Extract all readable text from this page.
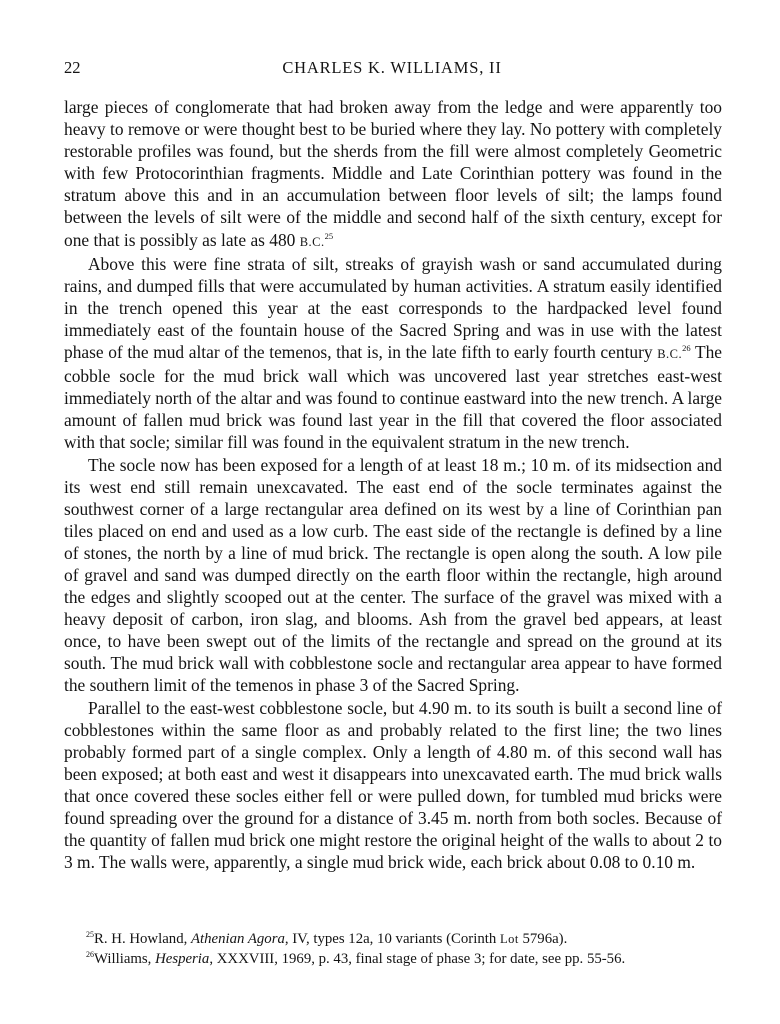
22	CHARLES K. WILLIAMS, II

large pieces of conglomerate that had broken away from the ledge and were apparently too heavy to remove or were thought best to be buried where they lay. No pottery with completely restorable profiles was found, but the sherds from the fill were almost completely Geometric with few Protocorinthian fragments. Middle and Late Corinthian pottery was found in the stratum above this and in an accumulation between floor levels of silt; the lamps found between the levels of silt were of the middle and second half of the sixth century, except for one that is possibly as late as 480 B.C.$^{25}$

Above this were fine strata of silt, streaks of grayish wash or sand accumulated during rains, and dumped fills that were accumulated by human activities. A stratum easily identified in the trench opened this year at the east corresponds to the hardpacked level found immediately east of the fountain house of the Sacred Spring and was in use with the latest phase of the mud altar of the temenos, that is, in the late fifth to early fourth century B.C.$^{26}$ The cobble socle for the mud brick wall which was uncovered last year stretches east-west immediately north of the altar and was found to continue eastward into the new trench. A large amount of fallen mud brick was found last year in the fill that covered the floor associated with that socle; similar fill was found in the equivalent stratum in the new trench.

The socle now has been exposed for a length of at least 18 m.; 10 m. of its midsection and its west end still remain unexcavated. The east end of the socle terminates against the southwest corner of a large rectangular area defined on its west by a line of Corinthian pan tiles placed on end and used as a low curb. The east side of the rectangle is defined by a line of stones, the north by a line of mud brick. The rectangle is open along the south. A low pile of gravel and sand was dumped directly on the earth floor within the rectangle, high around the edges and slightly scooped out at the center. The surface of the gravel was mixed with a heavy deposit of carbon, iron slag, and blooms. Ash from the gravel bed appears, at least once, to have been swept out of the limits of the rectangle and spread on the ground at its south. The mud brick wall with cobblestone socle and rectangular area appear to have formed the southern limit of the temenos in phase 3 of the Sacred Spring.

Parallel to the east-west cobblestone socle, but 4.90 m. to its south is built a second line of cobblestones within the same floor as and probably related to the first line; the two lines probably formed part of a single complex. Only a length of 4.80 m. of this second wall has been exposed; at both east and west it disappears into unexcavated earth. The mud brick walls that once covered these socles either fell or were pulled down, for tumbled mud bricks were found spreading over the ground for a distance of 3.45 m. north from both socles. Because of the quantity of fallen mud brick one might restore the original height of the walls to about 2 to 3 m. The walls were, apparently, a single mud brick wide, each brick about 0.08 to 0.10 m.

$^{25}$R. H. Howland, Athenian Agora, IV, types 12a, 10 variants (Corinth Lot 5796a).

$^{26}$Williams, Hesperia, XXXVIII, 1969, p. 43, final stage of phase 3; for date, see pp. 55-56.
